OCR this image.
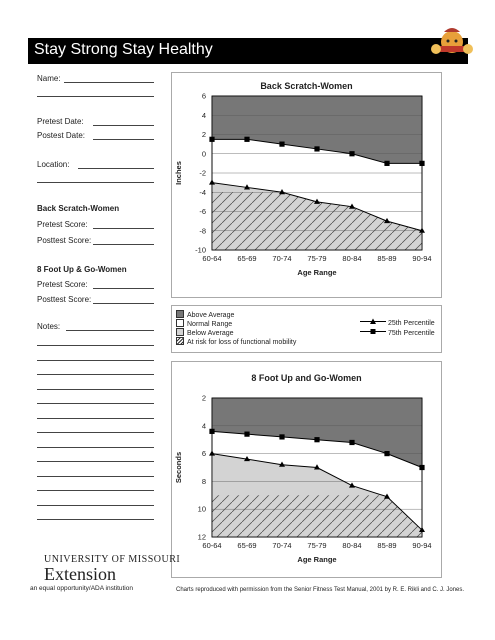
Stay Strong Stay Healthy
Name:
Pretest Date:
Postest Date:
Location:
Back Scratch-Women
Pretest Score:
Posttest Score:
8 Foot Up & Go-Women
Pretest Score:
Posttest Score:
Notes:
Back Scratch-Women
6
4
2
0
-2
-4
-6
-8
-10
60-64 65-69 70-74 75-79 80-84 85-89 90-94
Age Range
Inches
Above Average
Normal Range
Below Average
At risk for loss of functional mobility
25th Percentile
75th Percentile
8 Foot Up and Go-Women
2
4
6
8
10
12
60-64 65-69 70-74 75-79 80-84 85-89 90-94
Age Range
Seconds
UNIVERSITY OF MISSOURI
Extension
an equal opportunity/ADA institution	Charts reproduced with permission from the Senior Fitness Test Manual, 2001 by R. E. Rikli and C. J. Jones.
